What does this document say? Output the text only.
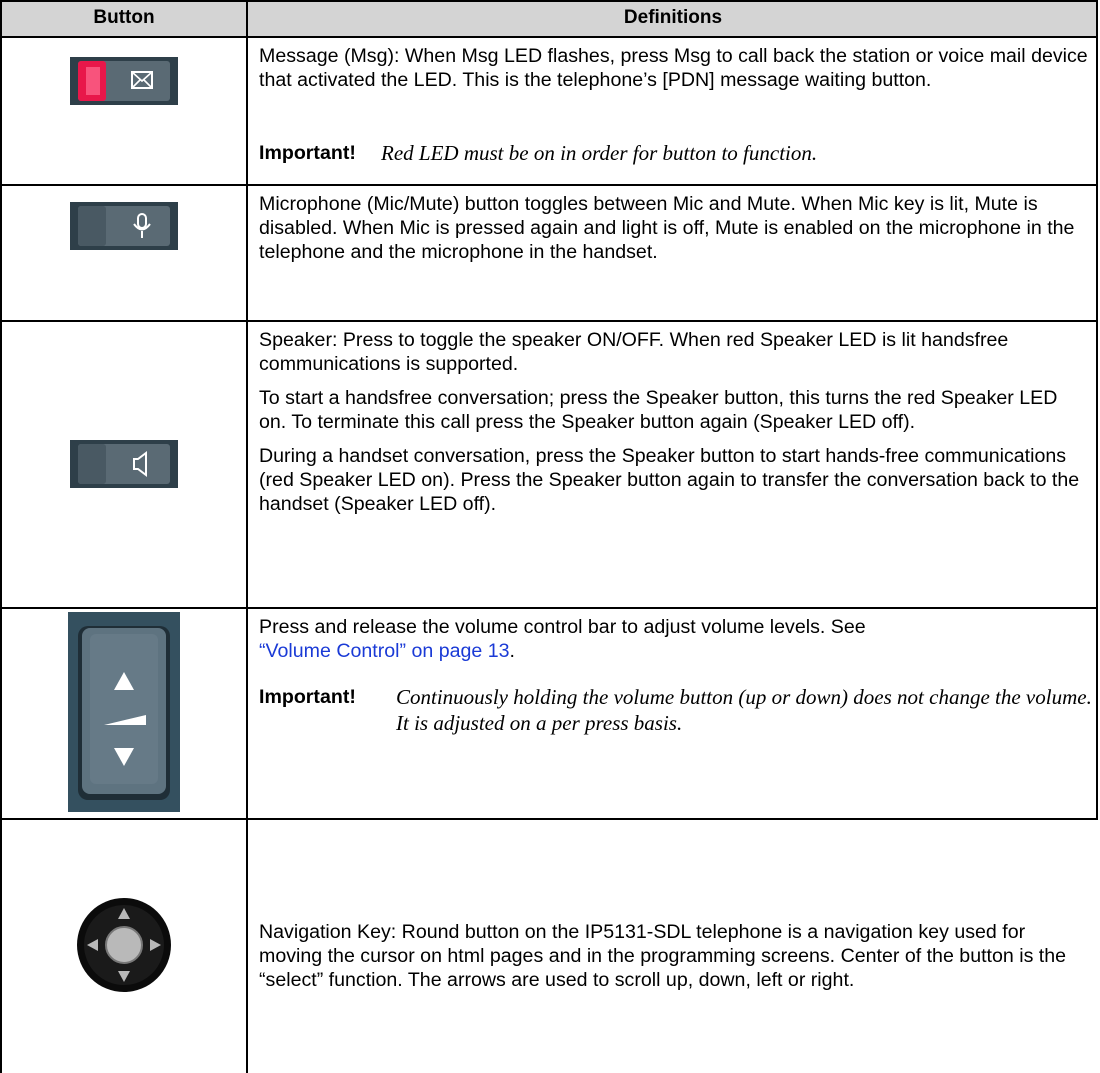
Button	Definitions

Message (Msg): When Msg LED flashes, press Msg to call back the station or voice mail device that activated the LED. This is the telephone’s [PDN] message waiting button.

Important!	Red LED must be on in order for button to function.

Microphone (Mic/Mute) button toggles between Mic and Mute. When Mic key is lit, Mute is disabled. When Mic is pressed again and light is off, Mute is enabled on the microphone in the telephone and the microphone in the handset.

Speaker: Press to toggle the speaker ON/OFF. When red Speaker LED is lit handsfree communications is supported.

To start a handsfree conversation; press the Speaker button, this turns the red Speaker LED on. To terminate this call press the Speaker button again (Speaker LED off).

During a handset conversation, press the Speaker button to start hands-free communications (red Speaker LED on). Press the Speaker button again to transfer the conversation back to the handset (Speaker LED off).

Press and release the volume control bar to adjust volume levels. See
“Volume Control” on page 13.

Important!	Continuously holding the volume button (up or down) does not change the volume. It is adjusted on a per press basis.

Navigation Key: Round button on the IP5131-SDL telephone is a navigation key used for moving the cursor on html pages and in the programming screens. Center of the button is the “select” function. The arrows are used to scroll up, down, left or right.
